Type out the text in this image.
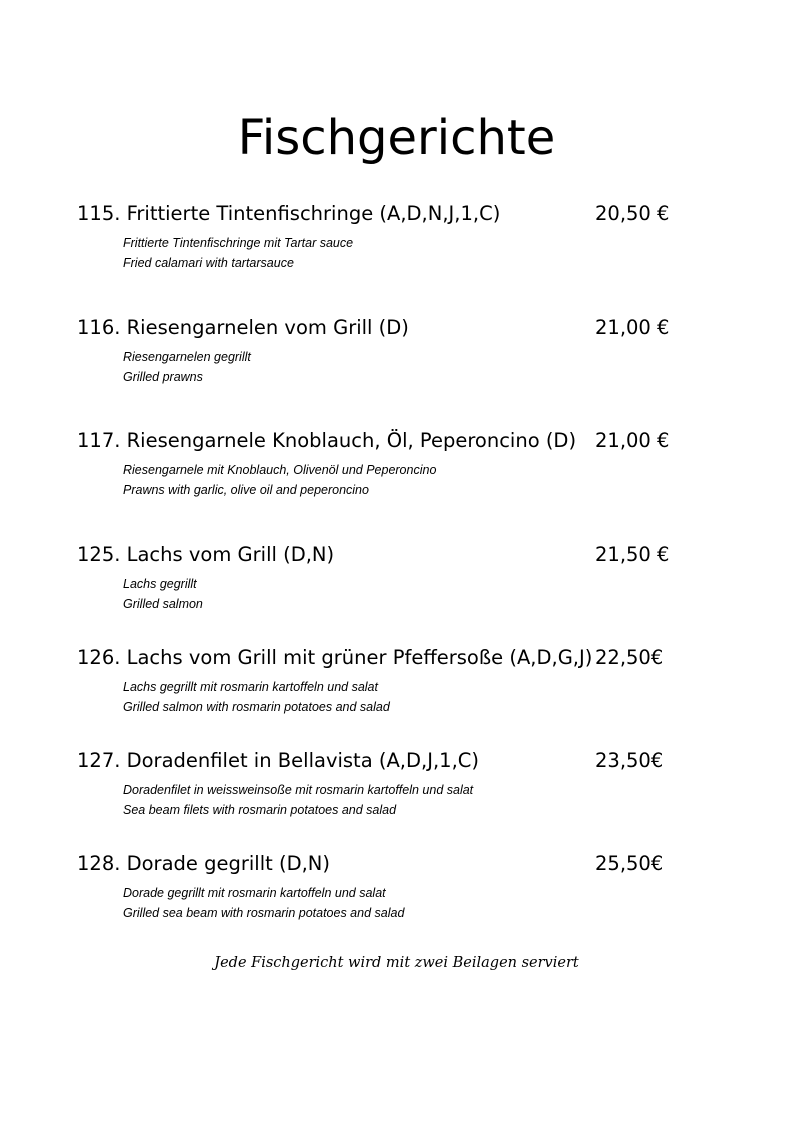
Fischgerichte
115. Frittierte Tintenfischringe (A,D,N,J,1,C)	20,50 €
Frittierte Tintenfischringe mit Tartar sauce
Fried calamari with tartarsauce
116. Riesengarnelen vom Grill (D)	21,00 €
Riesengarnelen gegrillt
Grilled prawns
117. Riesengarnele Knoblauch, Öl, Peperoncino (D) 21,00 €
Riesengarnele mit Knoblauch, Olivenöl und Peperoncino
Prawns with garlic, olive oil and peperoncino
125. Lachs vom Grill (D,N)	21,50 €
Lachs gegrillt
Grilled salmon
126. Lachs vom Grill mit grüner Pfeffersoße (A,D,G,J) 22,50€
Lachs gegrillt mit rosmarin kartoffeln und salat
Grilled salmon with rosmarin potatoes and salad
127. Doradenfilet in Bellavista (A,D,J,1,C)	23,50€
Doradenfilet in weissweinsoße mit rosmarin kartoffeln und salat
Sea beam filets with rosmarin potatoes and salad
128. Dorade gegrillt (D,N)	25,50€
Dorade gegrillt mit rosmarin kartoffeln und salat
Grilled sea beam with rosmarin potatoes and salad
Jede Fischgericht wird mit zwei Beilagen serviert
